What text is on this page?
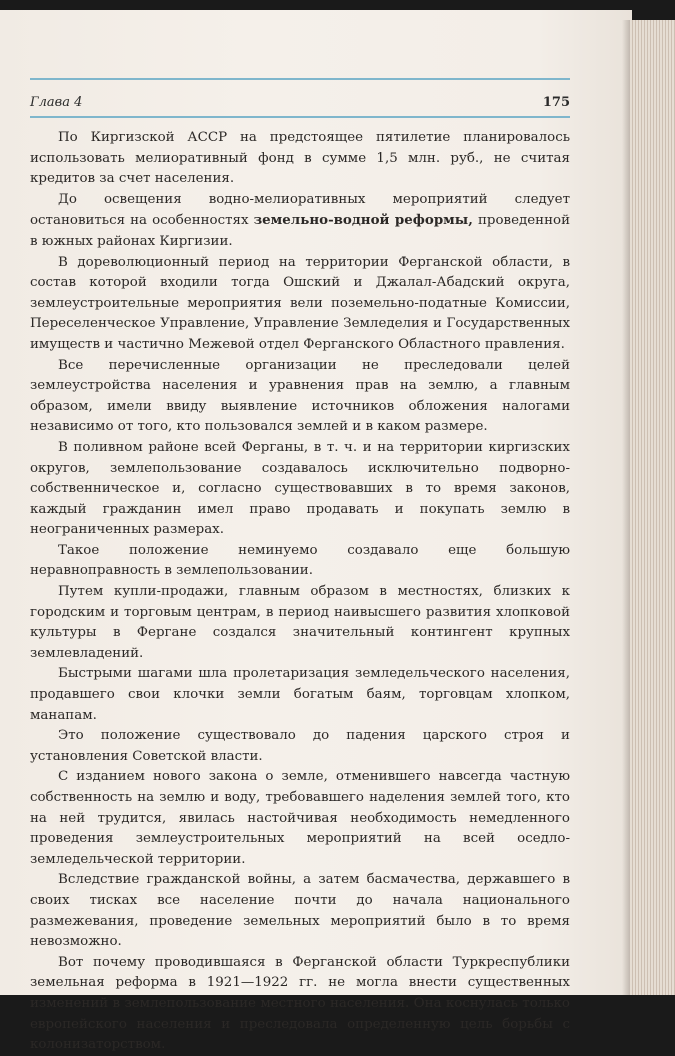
Глава 4	175

По Киргизской АССР на предстоящее пятилетие планировалось использовать мелиоративный фонд в сумме 1,5 млн. руб., не считая кредитов за счет населения.

До освещения водно-мелиоративных мероприятий следует остановиться на особенностях земельно-водной реформы, проведенной в южных районах Киргизии.

В дореволюционный период на территории Ферганской области, в состав которой входили тогда Ошский и Джалал-Абадский округа, землеустроительные мероприятия вели поземельно-податные Комиссии, Переселенческое Управление, Управление Земледелия и Государственных имуществ и частично Межевой отдел Ферганского Областного правления.

Все перечисленные организации не преследовали целей землеустройства населения и уравнения прав на землю, а главным образом, имели ввиду выявление источников обложения налогами независимо от того, кто пользовался землей и в каком размере.

В поливном районе всей Ферганы, в т. ч. и на территории киргизских округов, землепользование создавалось исключительно подворно-собственническое и, согласно существовавших в то время законов, каждый гражданин имел право продавать и покупать землю в неограниченных размерах.

Такое положение неминуемо создавало еще большую неравноправность в землепользовании.

Путем купли-продажи, главным образом в местностях, близких к городским и торговым центрам, в период наивысшего развития хлопковой культуры в Фергане создался значительный контингент крупных землевладений.

Быстрыми шагами шла пролетаризация земледельческого населения, продавшего свои клочки земли богатым баям, торговцам хлопком, манапам.

Это положение существовало до падения царского строя и установления Советской власти.

С изданием нового закона о земле, отменившего навсегда частную собственность на землю и воду, требовавшего наделения землей того, кто на ней трудится, явилась настойчивая необходимость немедленного проведения землеустроительных мероприятий на всей оседло-земледельческой территории.

Вследствие гражданской войны, а затем басмачества, державшего в своих тисках все население почти до начала национального размежевания, проведение земельных мероприятий было в то время невозможно.

Вот почему проводившаяся в Ферганской области Туркреспублики земельная реформа в 1921—1922 гг. не могла внести существенных изменений в землепользование местного населения. Она коснулась только европейского населения и преследовала определенную цель борьбы с колонизаторством.
